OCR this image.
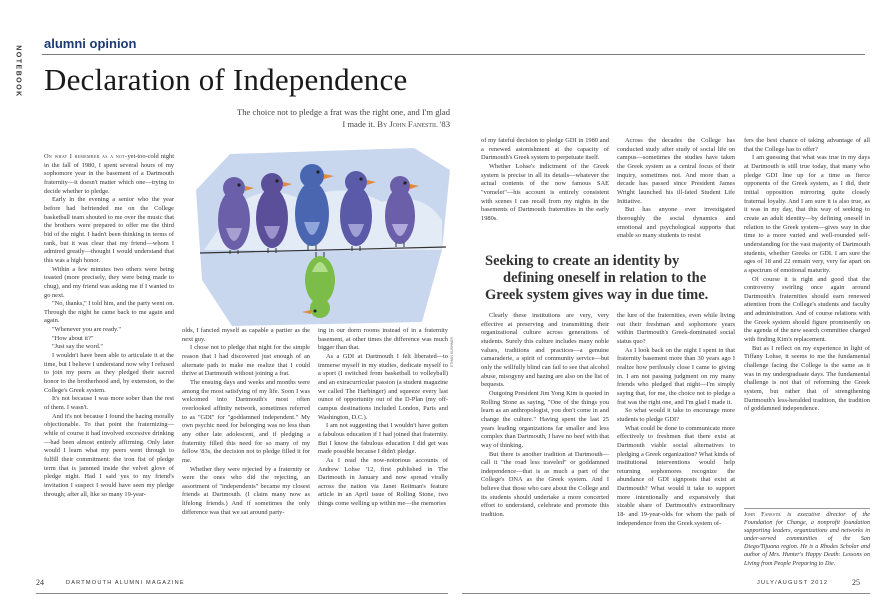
NOTEBOOK
alumni opinion
Declaration of Independence
The choice not to pledge a frat was the right one, and I'm glad
I made it. By John Fanestil '83

On what I remember as a not-yet-too-cold night in the fall of 1980, I spent several hours of my sophomore year in the basement of a Dartmouth fraternity—it doesn't matter which one—trying to decide whether to pledge.

Early in the evening a senior who the year before had befriended me on the College basketball team shouted to me over the music that the brothers were prepared to offer me the third bid of the night. I hadn't been thinking in terms of rank, but it was clear that my friend—whom I admired greatly—thought I would understand that this was a high honor.

Within a few minutes two others were being toasted (more precisely, they were being made to chug), and my friend was asking me if I wanted to go next.

"No, thanks," I told him, and the party went on. Through the night he came back to me again and again.

"Whenever you are ready."

"How about it?"

"Just say the word."

I wouldn't have been able to articulate it at the time, but I believe I understand now why I refused to join my peers as they pledged their sacred honor to the brotherhood and, by extension, to the College's Greek system.

It's not because I was more sober than the rest of them. I wasn't.

And it's not because I found the hazing morally objectionable. To that point the fraternizing—while of course it had involved excessive drinking—had been almost entirely affirming. Only later would I learn what my peers went through to fulfill their commitment: the iron fist of pledge term that is jammed inside the velvet glove of pledge night. Had I said yes to my friend's invitation I suspect I would have seen my pledge through; after all, like so many 19-year-

olds, I fancied myself as capable a partier as the next guy.

I chose not to pledge that night for the simple reason that I had discovered just enough of an alternate path to make me realize that I could thrive at Dartmouth without joining a frat.

The ensuing days and weeks and months were among the most satisfying of my life. Soon I was welcomed into Dartmouth's most often overlooked affinity network, sometimes referred to as "GDI" for "goddamned independent." My own psychic need for belonging was no less than any other late adolescent, and if pledging a fraternity filled this need for so many of my fellow '83s, the decision not to pledge filled it for me.

Whether they were rejected by a fraternity or were the ones who did the rejecting, an assortment of "independents" became my closest friends at Dartmouth. (I claim many now as lifelong friends.) And if sometimes the only difference was that we sat around party-

ing in our dorm rooms instead of in a fraternity basement, at other times the difference was much bigger than that.

As a GDI at Dartmouth I felt liberated—to immerse myself in my studies, dedicate myself to a sport (I switched from basketball to volleyball) and an extracurricular passion (a student magazine we called The Harbinger) and squeeze every last ounce of opportunity out of the D-Plan (my off-campus destinations included London, Paris and Washington, D.C.).

I am not suggesting that I wouldn't have gotten a fabulous education if I had joined that fraternity. But I know the fabulous education I did get was made possible because I didn't pledge.

As I read the now-notorious accounts of Andrew Lohse '12, first published in The Dartmouth in January and now spread virally across the nation via Janet Reitman's feature article in an April issue of Rolling Stone, two things come welling up within me—the memories

ETHAN KUSHNER

of my fateful decision to pledge GDI in 1980 and a renewed astonishment at the capacity of Dartmouth's Greek system to perpetuate itself.

Whether Lohse's indictment of the Greek system is precise in all its details—whatever the actual contents of the now famous SAE "vomelet"—his account is entirely consistent with scenes I can recall from my nights in the basements of Dartmouth fraternities in the early 1980s.

Across the decades the College has conducted study after study of social life on campus—sometimes the studies have taken the Greek system as a central focus of their inquiry, sometimes not. And more than a decade has passed since President James Wright launched his ill-fated Student Life Initiative.

But has anyone ever investigated thoroughly the social dynamics and emotional and psychological supports that enable so many students to resist

Seeking to create an identity by
defining oneself in relation to the
Greek system gives way in due time.

Clearly these institutions are very, very effective at preserving and transmitting their organizational culture across generations of students. Surely this culture includes many noble values, traditions and practices—a genuine camaraderie, a spirit of community service—but only the willfully blind can fail to see that alcohol abuse, misogyny and hazing are also on the list of bequests.

Outgoing President Jim Yong Kim is quoted in Rolling Stone as saying, "One of the things you learn as an anthropologist, you don't come in and change the culture." Having spent the last 25 years leading organizations far smaller and less complex than Dartmouth, I have no beef with that way of thinking.

But there is another tradition at Dartmouth—call it "the road less traveled" or goddamned independence—that is as much a part of the College's DNA as the Greek system. And I believe that those who care about the College and its students should undertake a more concerted effort to understand, celebrate and promote this tradition.

the lure of the fraternities, even while living out their freshman and sophomore years within Dartmouth's Greek-dominated social status quo?

As I look back on the night I spent in that fraternity basement more than 30 years ago I realize how perilously close I came to giving in. I am not passing judgment on my many friends who pledged that night—I'm simply saying that, for me, the choice not to pledge a frat was the right one, and I'm glad I made it.

So what would it take to encourage more students to pledge GDI?

What could be done to communicate more effectively to freshmen that there exist at Dartmouth viable social alternatives to pledging a Greek organization? What kinds of institutional interventions would help returning sophomores recognize the abundance of GDI signposts that exist at Dartmouth? What would it take to support more intentionally and expansively that sizable share of Dartmouth's extraordinary 18- and 19-year-olds for whom the path of independence from the Greek system of-

fers the best chance of taking advantage of all that the College has to offer?

I am guessing that what was true in my days at Dartmouth is still true today, that many who pledge GDI line up for a time as fierce opponents of the Greek system, as I did, their initial opposition mirroring quite closely fraternal loyalty. And I am sure it is also true, as it was in my day, that this way of seeking to create an adult identity—by defining oneself in relation to the Greek system—gives way in due time to a more varied and well-rounded self-understanding for the vast majority of Dartmouth students, whether Greeks or GDI. I am sure the ages of 18 and 22 remain very, very far apart on a spectrum of emotional maturity.

Of course it is right and good that the controversy swirling once again around Dartmouth's fraternities should earn renewed attention from the College's students and faculty and administration. And of course relations with the Greek system should figure prominently on the agenda of the new search committee charged with finding Kim's replacement.

But as I reflect on my experience in light of Tiffany Lohse, it seems to me the fundamental challenge facing the College is the same as it was in my undergraduate days. The fundamental challenge is not that of reforming the Greek system, but rather that of strengthening Dartmouth's less-heralded tradition, the tradition of goddamned independence.

John Fanestil is executive director of the Foundation for Change, a nonprofit foundation supporting leaders, organizations and networks in under-served communities of the San Diego/Tijuana region. He is a Rhodes Scholar and author of Mrs. Hunter's Happy Death: Lessons on Living from People Preparing to Die.
24	DARTMOUTH ALUMNI MAGAZINE	JULY/AUGUST 2012	25
